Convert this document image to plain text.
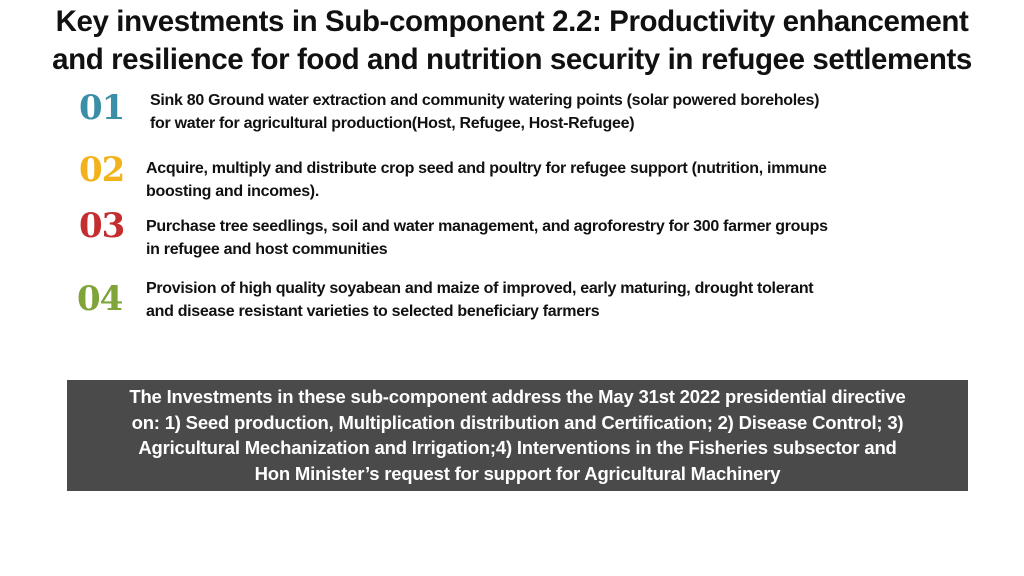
Key investments in Sub-component 2.2: Productivity enhancement
and resilience for food and nutrition security in refugee settlements
01 Sink 80 Ground water extraction and community watering points (solar powered boreholes)
for water for agricultural production(Host, Refugee, Host-Refugee)
02 Acquire, multiply and distribute crop seed and poultry for refugee support (nutrition, immune
boosting and incomes).
03 Purchase tree seedlings, soil and water management, and agroforestry for 300 farmer groups
in refugee and host communities
04 Provision of high quality soyabean and maize of improved, early maturing, drought tolerant
and disease resistant varieties to selected beneficiary farmers
The Investments in these sub-component address the May 31st 2022 presidential directive
on: 1) Seed production, Multiplication distribution and Certification; 2) Disease Control; 3)
Agricultural Mechanization and Irrigation;4) Interventions in the Fisheries subsector and
Hon Minister’s request for support for Agricultural Machinery
